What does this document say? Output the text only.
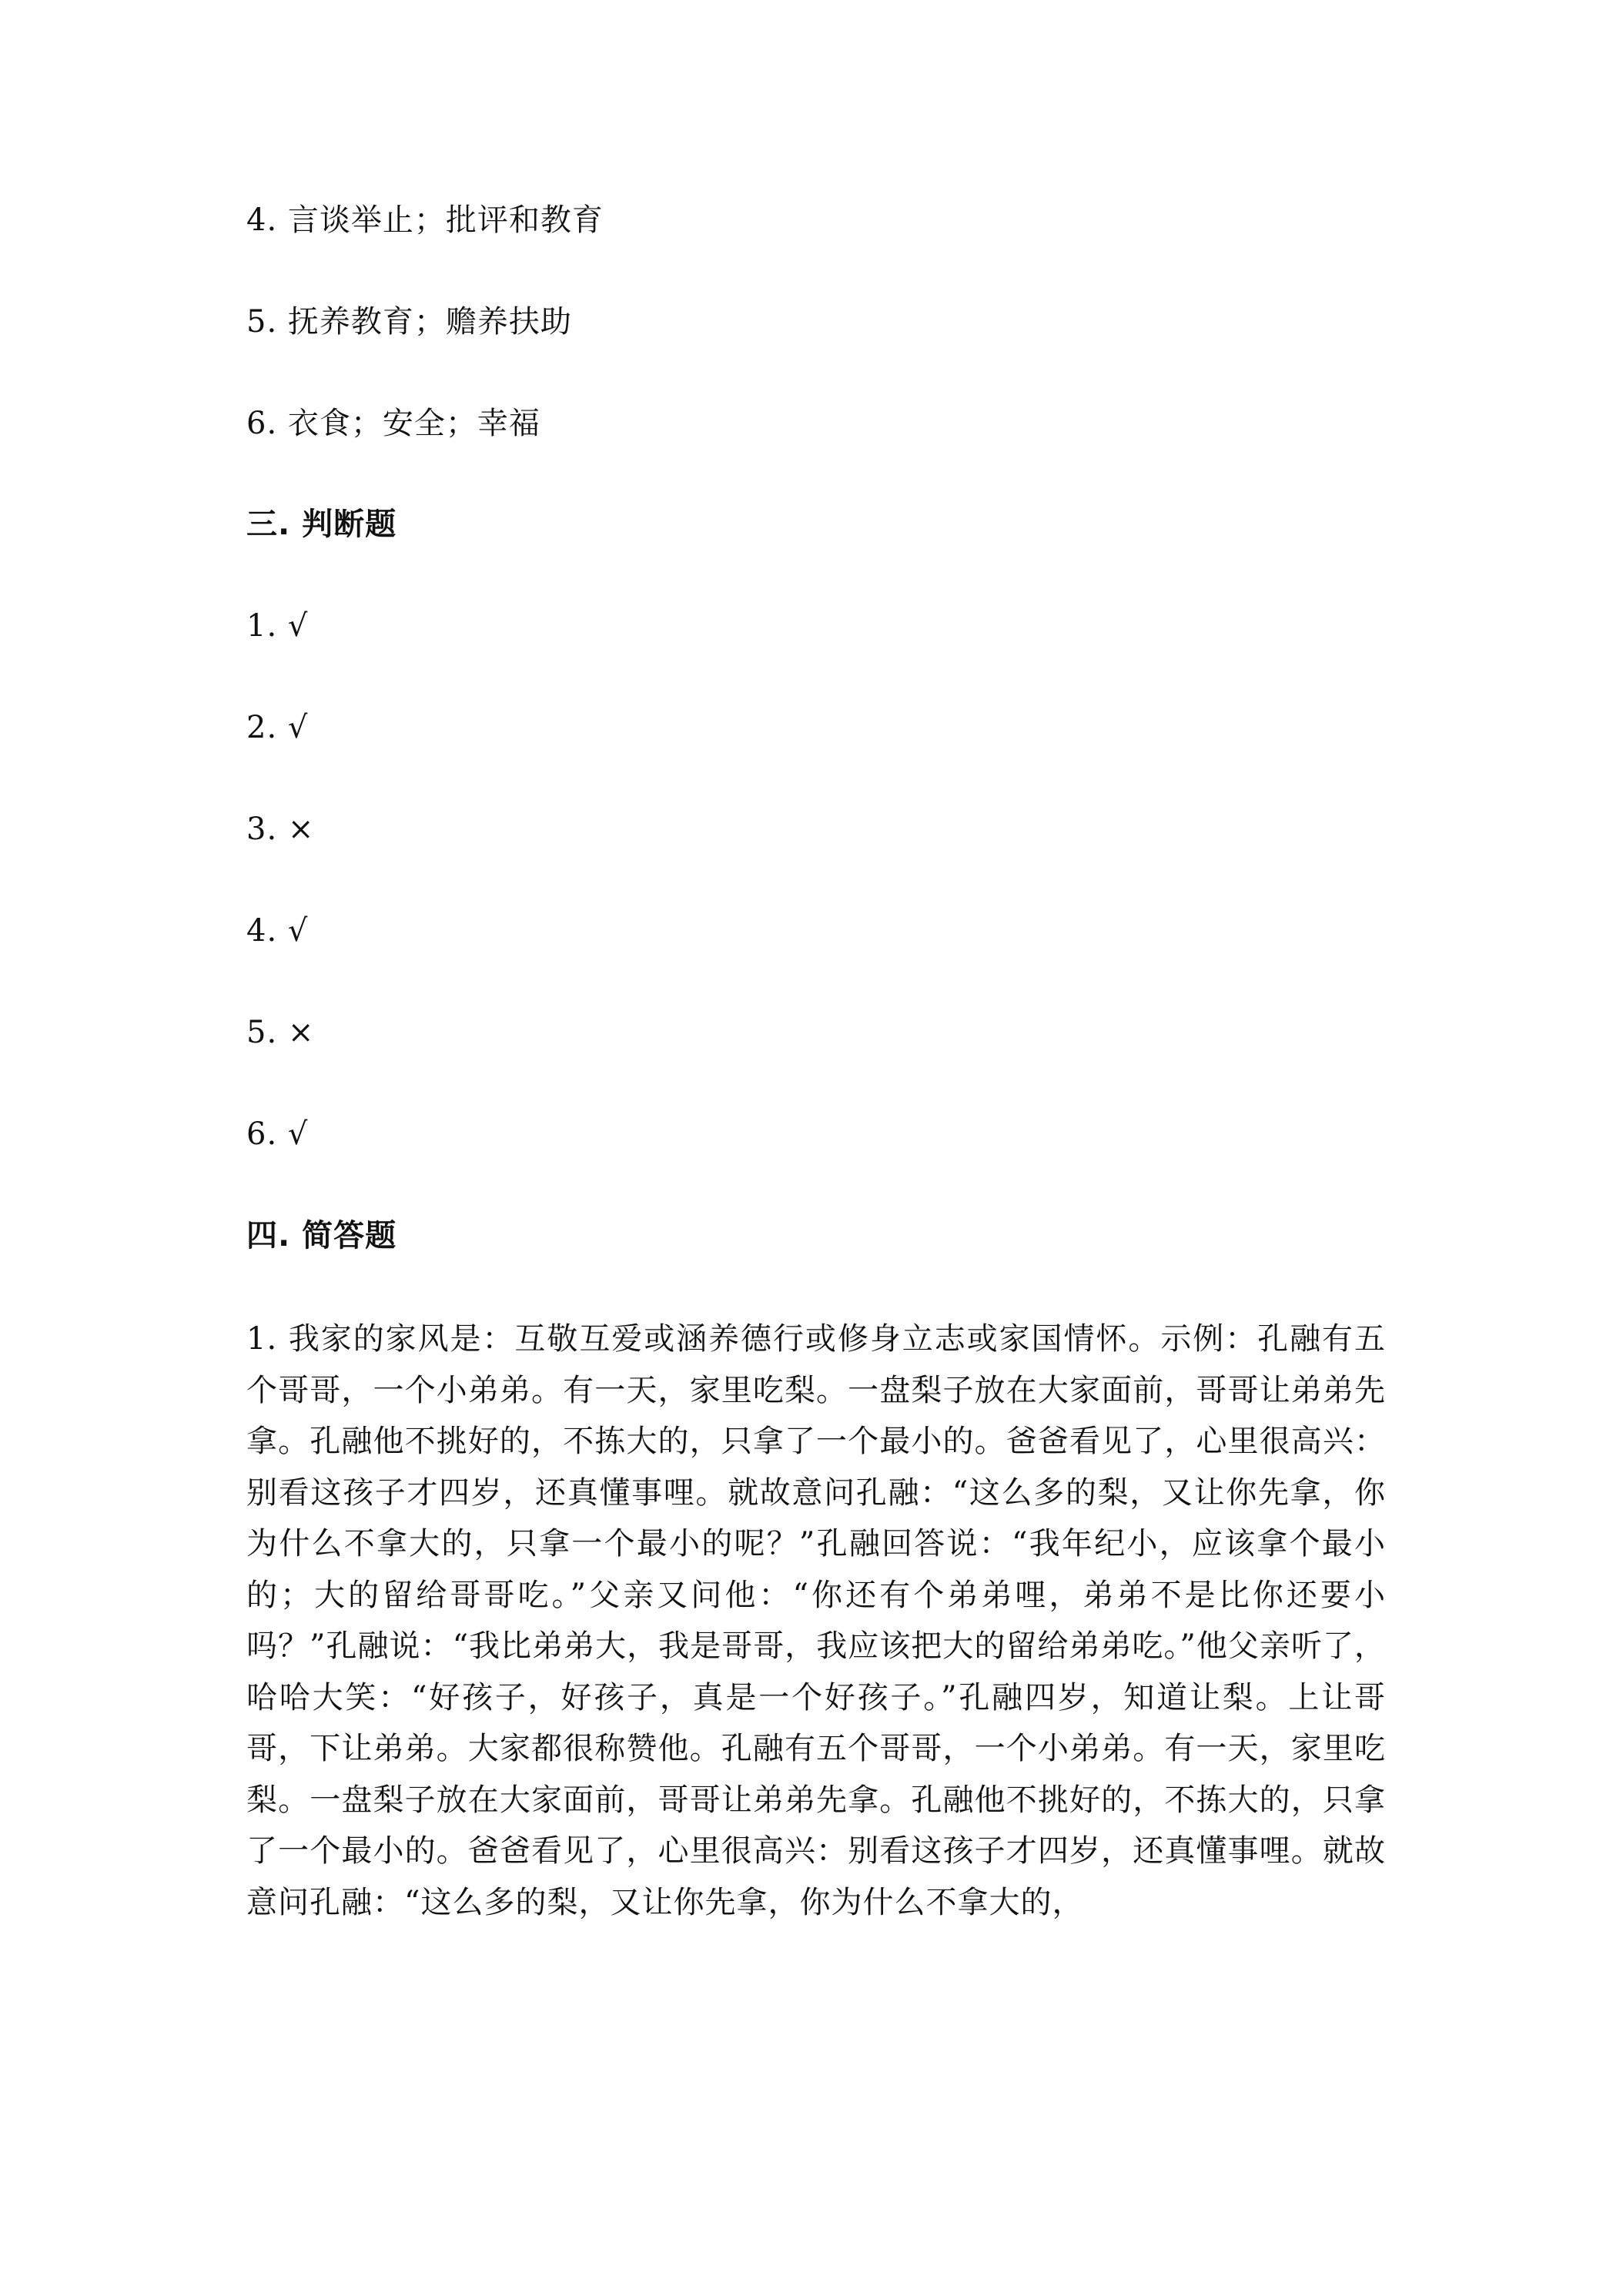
4. 言谈举止；批评和教育
5. 抚养教育；赡养扶助
6. 衣食；安全；幸福
三. 判断题
1. √
2. √
3. ×
4. √
5. ×
6. √
四. 简答题
1. 我家的家风是：互敬互爱或涵养德行或修身立志或家国情怀。示例：孔融有五个哥哥，一个小弟弟。有一天，家里吃梨。一盘梨子放在大家面前，哥哥让弟弟先拿。孔融他不挑好的，不拣大的，只拿了一个最小的。爸爸看见了，心里很高兴：别看这孩子才四岁，还真懂事哩。就故意问孔融：“这么多的梨，又让你先拿，你为什么不拿大的，只拿一个最小的呢？”孔融回答说：“我年纪小，应该拿个最小的；大的留给哥哥吃。”父亲又问他：“你还有个弟弟哩，弟弟不是比你还要小吗？”孔融说：“我比弟弟大，我是哥哥，我应该把大的留给弟弟吃。”他父亲听了，哈哈大笑：“好孩子，好孩子，真是一个好孩子。”孔融四岁，知道让梨。上让哥哥，下让弟弟。大家都很称赞他。孔融有五个哥哥，一个小弟弟。有一天，家里吃梨。一盘梨子放在大家面前，哥哥让弟弟先拿。孔融他不挑好的，不拣大的，只拿了一个最小的。爸爸看见了，心里很高兴：别看这孩子才四岁，还真懂事哩。就故意问孔融：“这么多的梨，又让你先拿，你为什么不拿大的，
